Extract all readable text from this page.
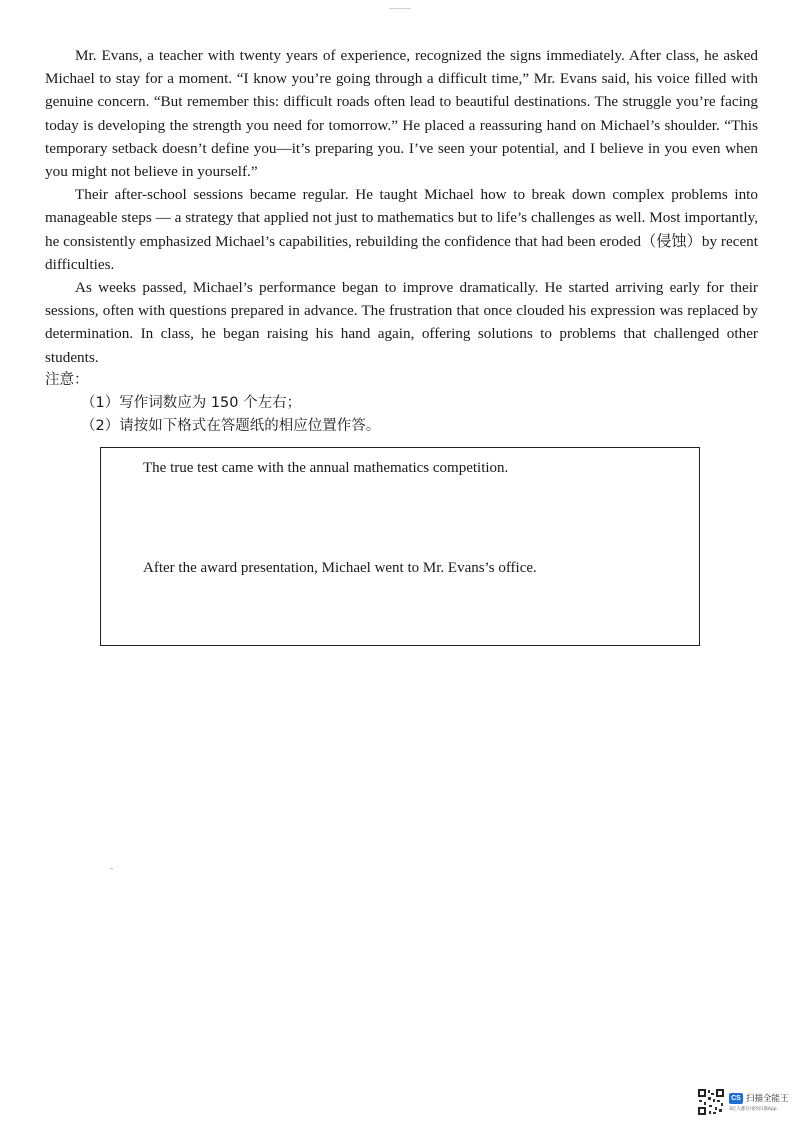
Mr. Evans, a teacher with twenty years of experience, recognized the signs immediately. After class, he asked Michael to stay for a moment. “I know you’re going through a difficult time,” Mr. Evans said, his voice filled with genuine concern. “But remember this: difficult roads often lead to beautiful destinations. The struggle you’re facing today is developing the strength you need for tomorrow.” He placed a reassuring hand on Michael’s shoulder. “This temporary setback doesn’t define you—it’s preparing you. I’ve seen your potential, and I believe in you even when you might not believe in yourself.”

Their after-school sessions became regular. He taught Michael how to break down complex problems into manageable steps — a strategy that applied not just to mathematics but to life’s challenges as well. Most importantly, he consistently emphasized Michael’s capabilities, rebuilding the confidence that had been eroded（侵蚀）by recent difficulties.

As weeks passed, Michael’s performance began to improve dramatically. He started arriving early for their sessions, often with questions prepared in advance. The frustration that once clouded his expression was replaced by determination. In class, he began raising his hand again, offering solutions to problems that challenged other students.

注意：

（1）写作词数应为 150 个左右；

（2）请按如下格式在答题纸的相应位置作答。

The true test came with the annual mathematics competition.

After the award presentation, Michael went to Mr. Evans’s office.

CS 扫描全能王
3亿人都在用的扫描App
